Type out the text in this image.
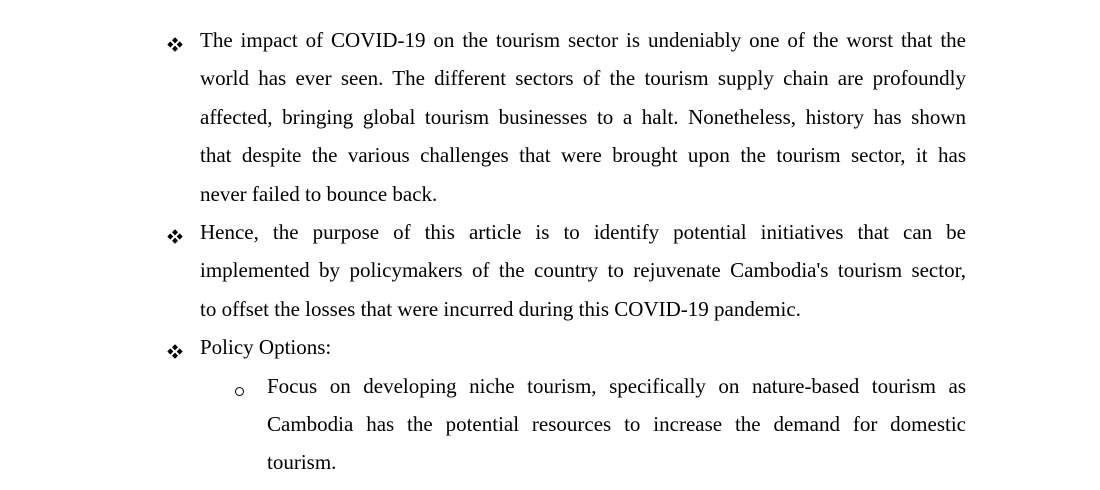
The impact of COVID-19 on the tourism sector is undeniably one of the worst that the
world has ever seen. The different sectors of the tourism supply chain are profoundly
affected, bringing global tourism businesses to a halt. Nonetheless, history has shown
that despite the various challenges that were brought upon the tourism sector, it has
never failed to bounce back.
Hence, the purpose of this article is to identify potential initiatives that can be
implemented by policymakers of the country to rejuvenate Cambodia's tourism sector,
to offset the losses that were incurred during this COVID-19 pandemic.
Policy Options:
Focus on developing niche tourism, specifically on nature-based tourism as
Cambodia has the potential resources to increase the demand for domestic
tourism.
